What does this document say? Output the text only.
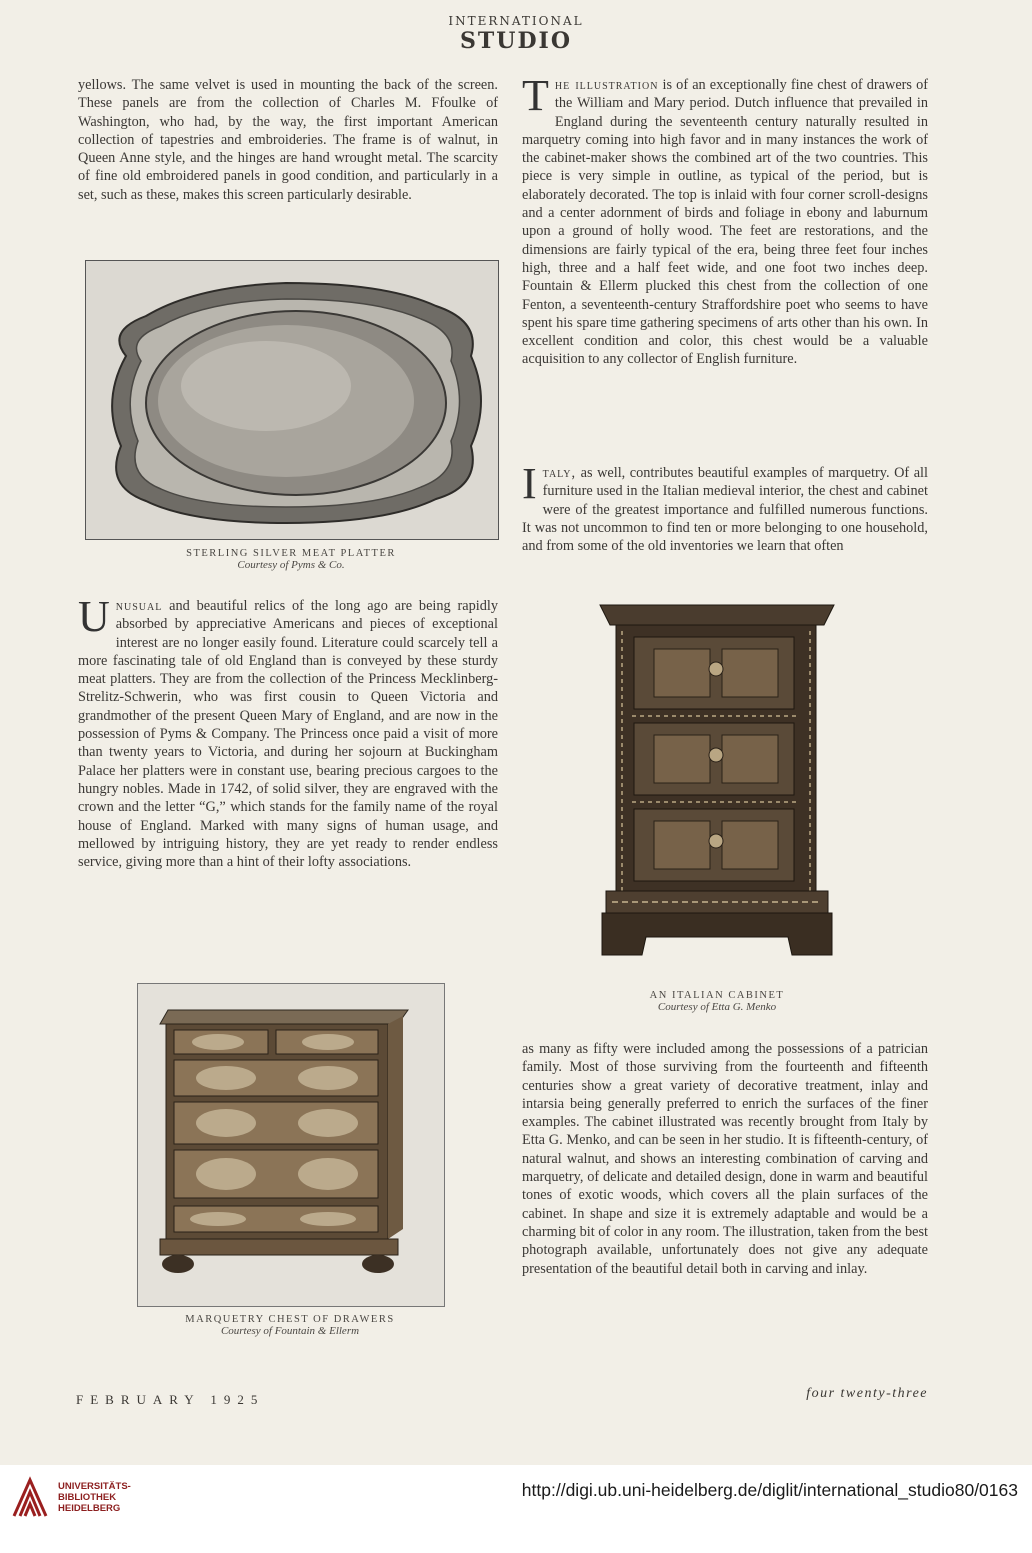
INTERNATIONAL
STUDIO

yellows. The same velvet is used in mounting the back of the screen. These panels are from the collection of Charles M. Ffoulke of Washington, who had, by the way, the first important American collection of tapestries and embroideries. The frame is of walnut, in Queen Anne style, and the hinges are hand wrought metal. The scarcity of fine old embroidered panels in good condition, and particularly in a set, such as these, makes this screen particularly desirable.

STERLING SILVER MEAT PLATTER
Courtesy of Pyms & Co.

Unusual and beautiful relics of the long ago are being rapidly absorbed by appreciative Americans and pieces of exceptional interest are no longer easily found. Literature could scarcely tell a more fascinating tale of old England than is conveyed by these sturdy meat platters. They are from the collection of the Princess Mecklinberg-Strelitz-Schwerin, who was first cousin to Queen Victoria and grandmother of the present Queen Mary of England, and are now in the possession of Pyms & Company. The Princess once paid a visit of more than twenty years to Victoria, and during her sojourn at Buckingham Palace her platters were in constant use, bearing precious cargoes to the hungry nobles. Made in 1742, of solid silver, they are engraved with the crown and the letter “G,” which stands for the family name of the royal house of England. Marked with many signs of human usage, and mellowed by intriguing history, they are yet ready to render endless service, giving more than a hint of their lofty associations.

MARQUETRY CHEST OF DRAWERS
Courtesy of Fountain & Ellerm

The illustration is of an exceptionally fine chest of drawers of the William and Mary period. Dutch influence that prevailed in England during the seventeenth century naturally resulted in marquetry coming into high favor and in many instances the work of the cabinet-maker shows the combined art of the two countries. This piece is very simple in outline, as typical of the period, but is elaborately decorated. The top is inlaid with four corner scroll-designs and a center adornment of birds and foliage in ebony and laburnum upon a ground of holly wood. The feet are restorations, and the dimensions are fairly typical of the era, being three feet four inches high, three and a half feet wide, and one foot two inches deep. Fountain & Ellerm plucked this chest from the collection of one Fenton, a seventeenth-century Straffordshire poet who seems to have spent his spare time gathering specimens of arts other than his own. In excellent condition and color, this chest would be a valuable acquisition to any collector of English furniture.

Italy, as well, contributes beautiful examples of marquetry. Of all furniture used in the Italian medieval interior, the chest and cabinet were of the greatest importance and fulfilled numerous functions. It was not uncommon to find ten or more belonging to one household, and from some of the old inventories we learn that often

AN ITALIAN CABINET
Courtesy of Etta G. Menko

as many as fifty were included among the possessions of a patrician family. Most of those surviving from the fourteenth and fifteenth centuries show a great variety of decorative treatment, inlay and intarsia being generally preferred to enrich the surfaces of the finer examples. The cabinet illustrated was recently brought from Italy by Etta G. Menko, and can be seen in her studio. It is fifteenth-century, of natural walnut, and shows an interesting combination of carving and marquetry, of delicate and detailed design, done in warm and beautiful tones of exotic woods, which covers all the plain surfaces of the cabinet. In shape and size it is extremely adaptable and would be a charming bit of color in any room. The illustration, taken from the best photograph available, unfortunately does not give any adequate presentation of the beautiful detail both in carving and inlay.

FEBRUARY 1925	four twenty-three
UNIVERSITÄTS-
BIBLIOTHEK
HEIDELBERG
http://digi.ub.uni-heidelberg.de/diglit/international_studio80/0163
